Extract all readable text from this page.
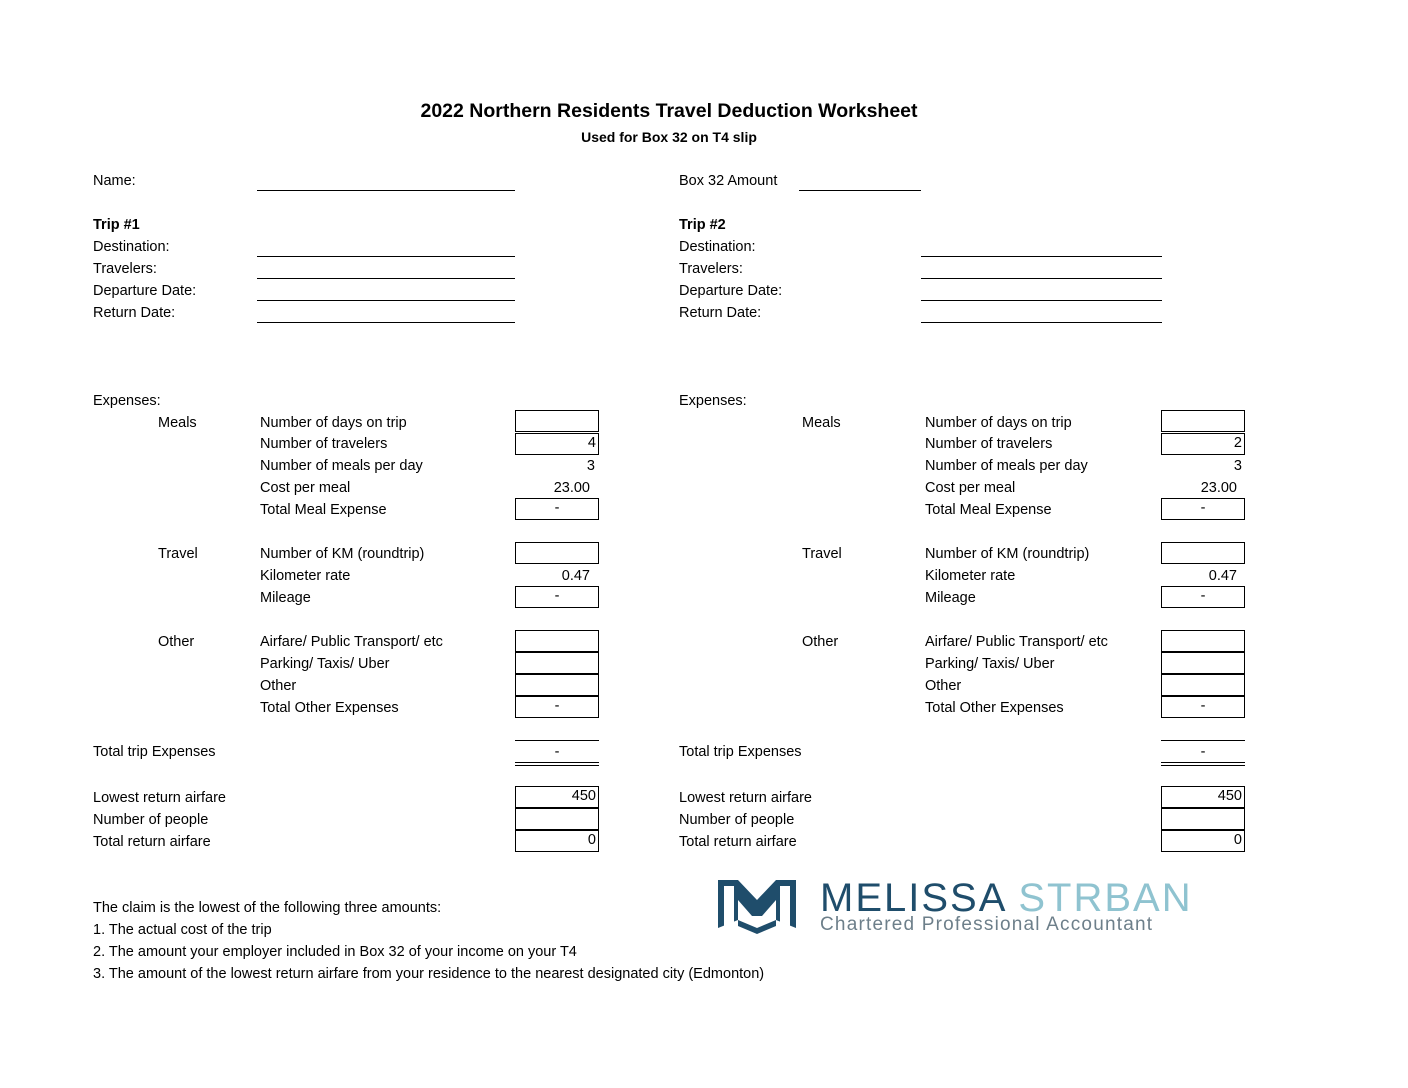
2022 Northern Residents Travel Deduction Worksheet
Used for Box 32 on T4 slip
Name:	Box 32 Amount
Trip #1
Destination:
Travelers:
Departure Date:
Return Date:
Expenses:
Meals	Number of days on trip
Number of travelers	4
Number of meals per day	3
Cost per meal	23.00
Total Meal Expense	-
Travel	Number of KM (roundtrip)
Kilometer rate	0.47
Mileage	-
Other	Airfare/ Public Transport/ etc
Parking/ Taxis/ Uber
Other
Total Other Expenses	-
Total trip Expenses	-
Lowest return airfare	450
Number of people
Total return airfare	0
Trip #2
Destination:
Travelers:
Departure Date:
Return Date:
Expenses:
Meals	Number of days on trip
Number of travelers	2
Number of meals per day	3
Cost per meal	23.00
Total Meal Expense	-
Travel	Number of KM (roundtrip)
Kilometer rate	0.47
Mileage	-
Other	Airfare/ Public Transport/ etc
Parking/ Taxis/ Uber
Other
Total Other Expenses	-
Total trip Expenses	-
Lowest return airfare	450
Number of people
Total return airfare	0
The claim is the lowest of the following three amounts:
1. The actual cost of the trip
2. The amount your employer included in Box 32 of your income on your T4
3. The amount of the lowest return airfare from your residence to the nearest designated city (Edmonton)
MELISSA STRBAN
Chartered Professional Accountant
